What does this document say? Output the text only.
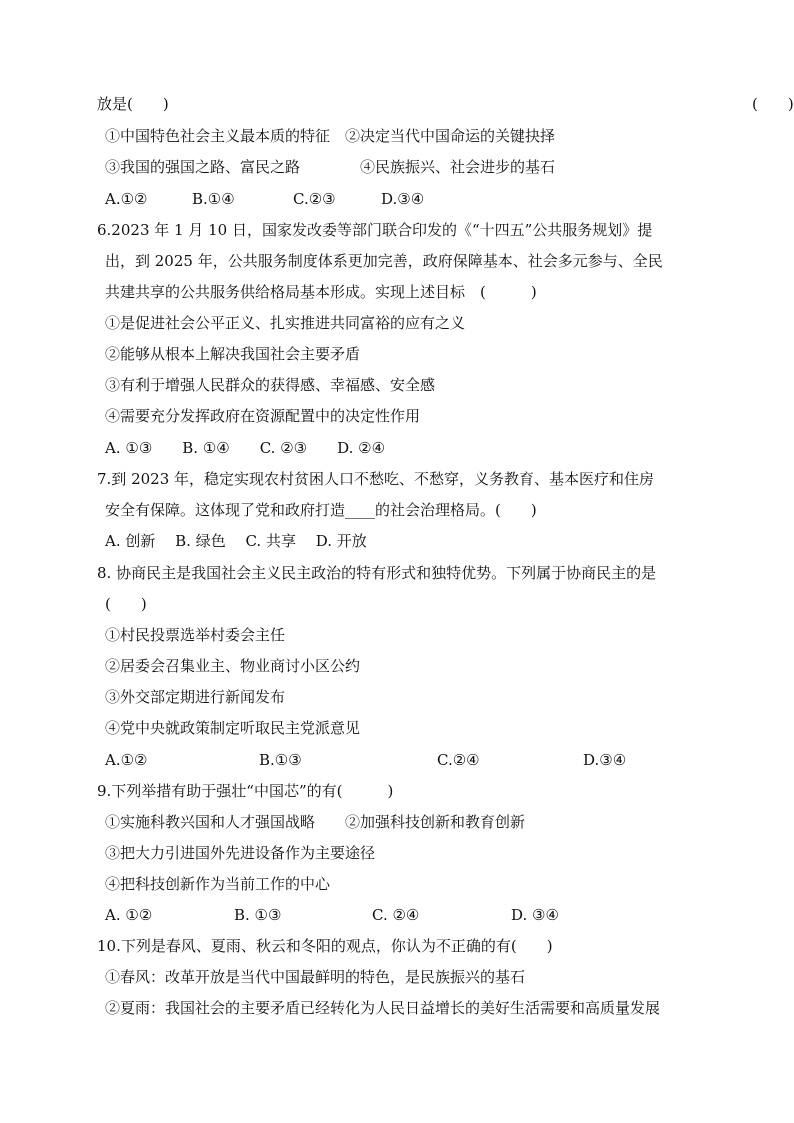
放是(　　)	(　　)
①中国特色社会主义最本质的特征　②决定当代中国命运的关键抉择
③我国的强国之路、富民之路	④民族振兴、社会进步的基石
A.①②	B.①④	C.②③	D.③④
6.2023 年 1 月 10 日，国家发改委等部门联合印发的《“十四五”公共服务规划》提
出，到 2025 年，公共服务制度体系更加完善，政府保障基本、社会多元参与、全民
共建共享的公共服务供给格局基本形成。实现上述目标　(　　　)
①是促进社会公平正义、扎实推进共同富裕的应有之义
②能够从根本上解决我国社会主要矛盾
③有利于增强人民群众的获得感、幸福感、安全感
④需要充分发挥政府在资源配置中的决定性作用
A. ①③　　B. ①④　　C. ②③　　D. ②④
7.到 2023 年，稳定实现农村贫困人口不愁吃、不愁穿，义务教育、基本医疗和住房
安全有保障。这体现了党和政府打造____的社会治理格局。(　　)
A. 创新　 B. 绿色　 C. 共享　 D. 开放
8. 协商民主是我国社会主义民主政治的特有形式和独特优势。下列属于协商民主的是
(　　)
①村民投票选举村委会主任
②居委会召集业主、物业商讨小区公约
③外交部定期进行新闻发布
④党中央就政策制定听取民主党派意见
A.①②	B.①③	C.②④	D.③④
9.下列举措有助于强壮“中国芯”的有(　　　)
①实施科教兴国和人才强国战略　　②加强科技创新和教育创新
③把大力引进国外先进设备作为主要途径
④把科技创新作为当前工作的中心
A. ①②	B. ①③	C. ②④	D. ③④
10.下列是春风、夏雨、秋云和冬阳的观点，你认为不正确的有(　　)
①春风：改革开放是当代中国最鲜明的特色，是民族振兴的基石
②夏雨：我国社会的主要矛盾已经转化为人民日益增长的美好生活需要和高质量发展
